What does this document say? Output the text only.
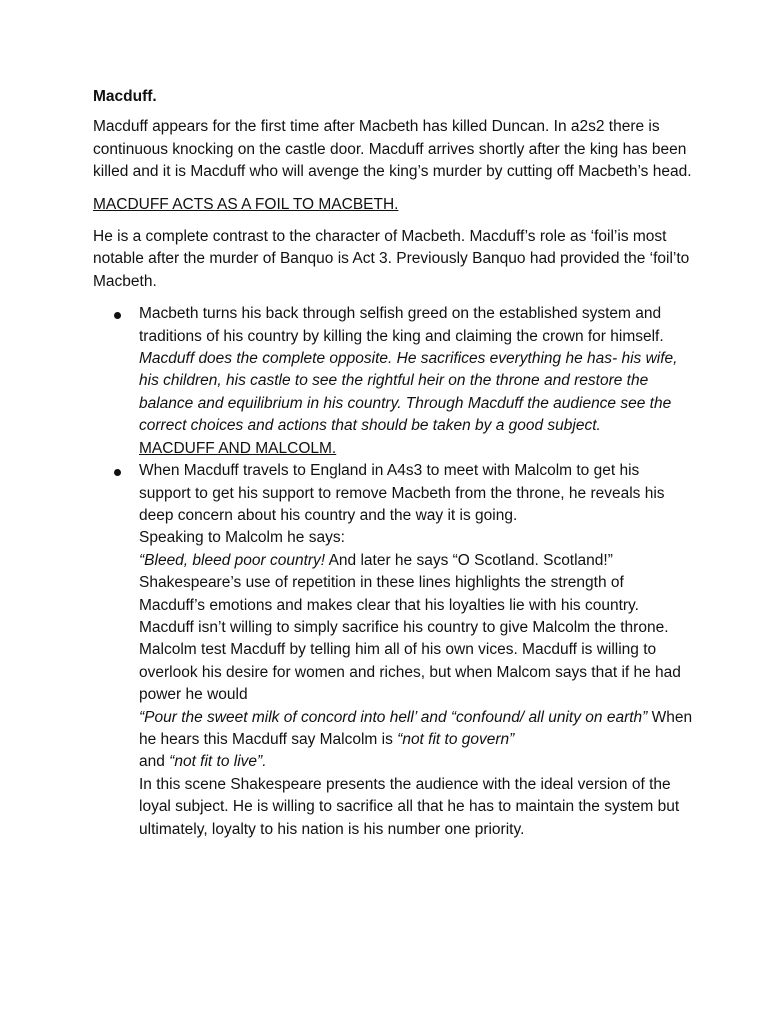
Macduff.

Macduff appears for the first time after Macbeth has killed Duncan. In a2s2 there is continuous knocking on the castle door. Macduff arrives shortly after the king has been killed and it is Macduff who will avenge the king’s murder by cutting off Macbeth’s head.

MACDUFF ACTS AS A FOIL TO MACBETH.

He is a complete contrast to the character of Macbeth. Macduff’s role as ‘foil’is most notable after the murder of Banquo is Act 3. Previously Banquo had provided the ‘foil’to Macbeth.

Macbeth turns his back through selfish greed on the established system and traditions of his country by killing the king and claiming the crown for himself. Macduff does the complete opposite. He sacrifices everything he has- his wife, his children, his castle to see the rightful heir on the throne and restore the balance and equilibrium in his country. Through Macduff the audience see the correct choices and actions that should be taken by a good subject.
MACDUFF AND MALCOLM.
When Macduff travels to England in A4s3 to meet with Malcolm to get his support to get his support to remove Macbeth from the throne, he reveals his deep concern about his country and the way it is going.
Speaking to Malcolm he says:
“Bleed, bleed poor country! And later he says “O Scotland. Scotland!” Shakespeare’s use of repetition in these lines highlights the strength of Macduff’s emotions and makes clear that his loyalties lie with his country. Macduff isn’t willing to simply sacrifice his country to give Malcolm the throne.
Malcolm test Macduff by telling him all of his own vices. Macduff is willing to overlook his desire for women and riches, but when Malcom says that if he had power he would
“Pour the sweet milk of concord into hell’ and “confound/ all unity on earth” When he hears this Macduff say Malcolm is “not fit to govern”
and “not fit to live”.
In this scene Shakespeare presents the audience with the ideal version of the loyal subject. He is willing to sacrifice all that he has to maintain the system but ultimately, loyalty to his nation is his number one priority.
